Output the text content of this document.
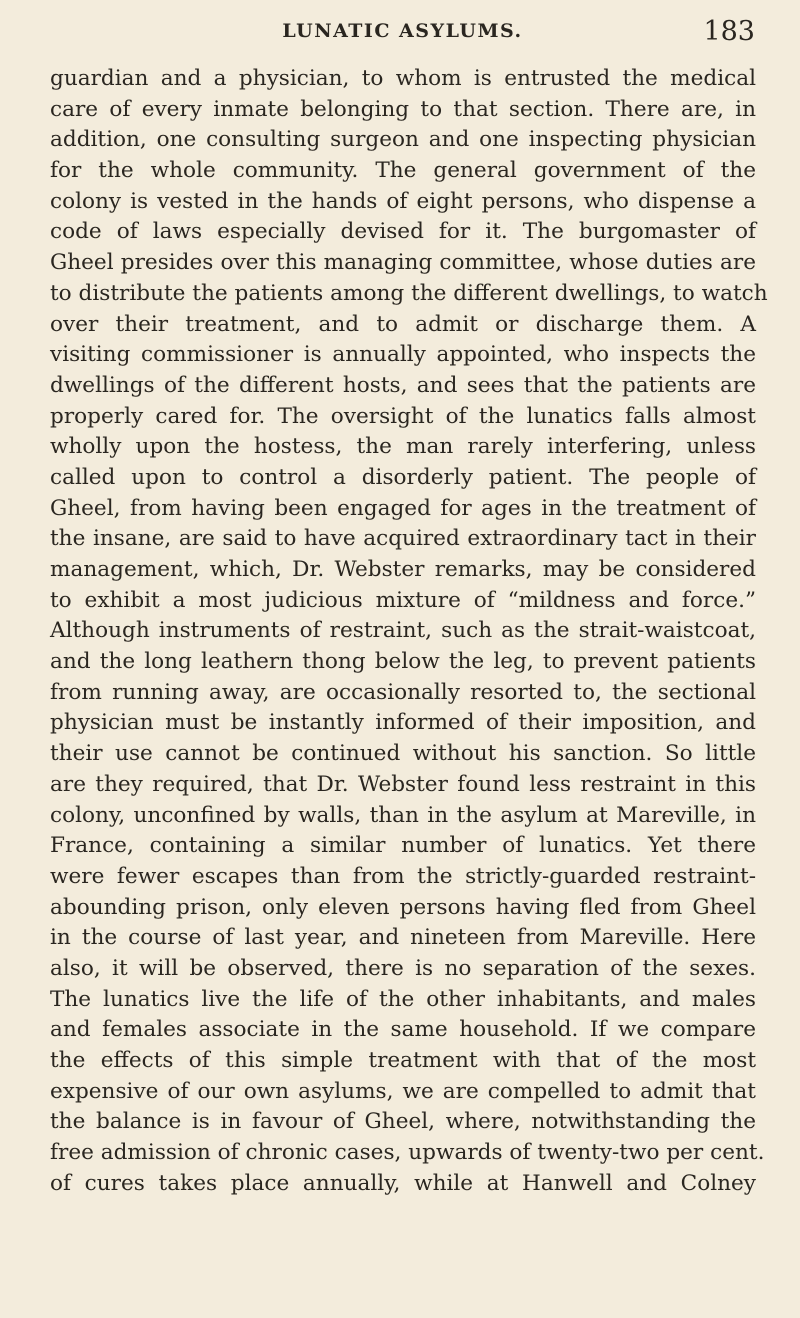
LUNATIC ASYLUMS.	183
guardian and a physician, to whom is entrusted the medical
care of every inmate belonging to that section. There are, in
addition, one consulting surgeon and one inspecting physician
for the whole community. The general government of the
colony is vested in the hands of eight persons, who dispense a
code of laws especially devised for it. The burgomaster of
Gheel presides over this managing committee, whose duties are
to distribute the patients among the different dwellings, to watch
over their treatment, and to admit or discharge them. A
visiting commissioner is annually appointed, who inspects the
dwellings of the different hosts, and sees that the patients are
properly cared for. The oversight of the lunatics falls almost
wholly upon the hostess, the man rarely interfering, unless
called upon to control a disorderly patient. The people of
Gheel, from having been engaged for ages in the treatment of
the insane, are said to have acquired extraordinary tact in their
management, which, Dr. Webster remarks, may be considered
to exhibit a most judicious mixture of “mildness and force.”
Although instruments of restraint, such as the strait-waistcoat,
and the long leathern thong below the leg, to prevent patients
from running away, are occasionally resorted to, the sectional
physician must be instantly informed of their imposition, and
their use cannot be continued without his sanction. So little
are they required, that Dr. Webster found less restraint in this
colony, unconfined by walls, than in the asylum at Mareville, in
France, containing a similar number of lunatics. Yet there
were fewer escapes than from the strictly-guarded restraint-
abounding prison, only eleven persons having fled from Gheel
in the course of last year, and nineteen from Mareville. Here
also, it will be observed, there is no separation of the sexes.
The lunatics live the life of the other inhabitants, and males
and females associate in the same household. If we compare
the effects of this simple treatment with that of the most
expensive of our own asylums, we are compelled to admit that
the balance is in favour of Gheel, where, notwithstanding the
free admission of chronic cases, upwards of twenty-two per cent.
of cures takes place annually, while at Hanwell and Colney
